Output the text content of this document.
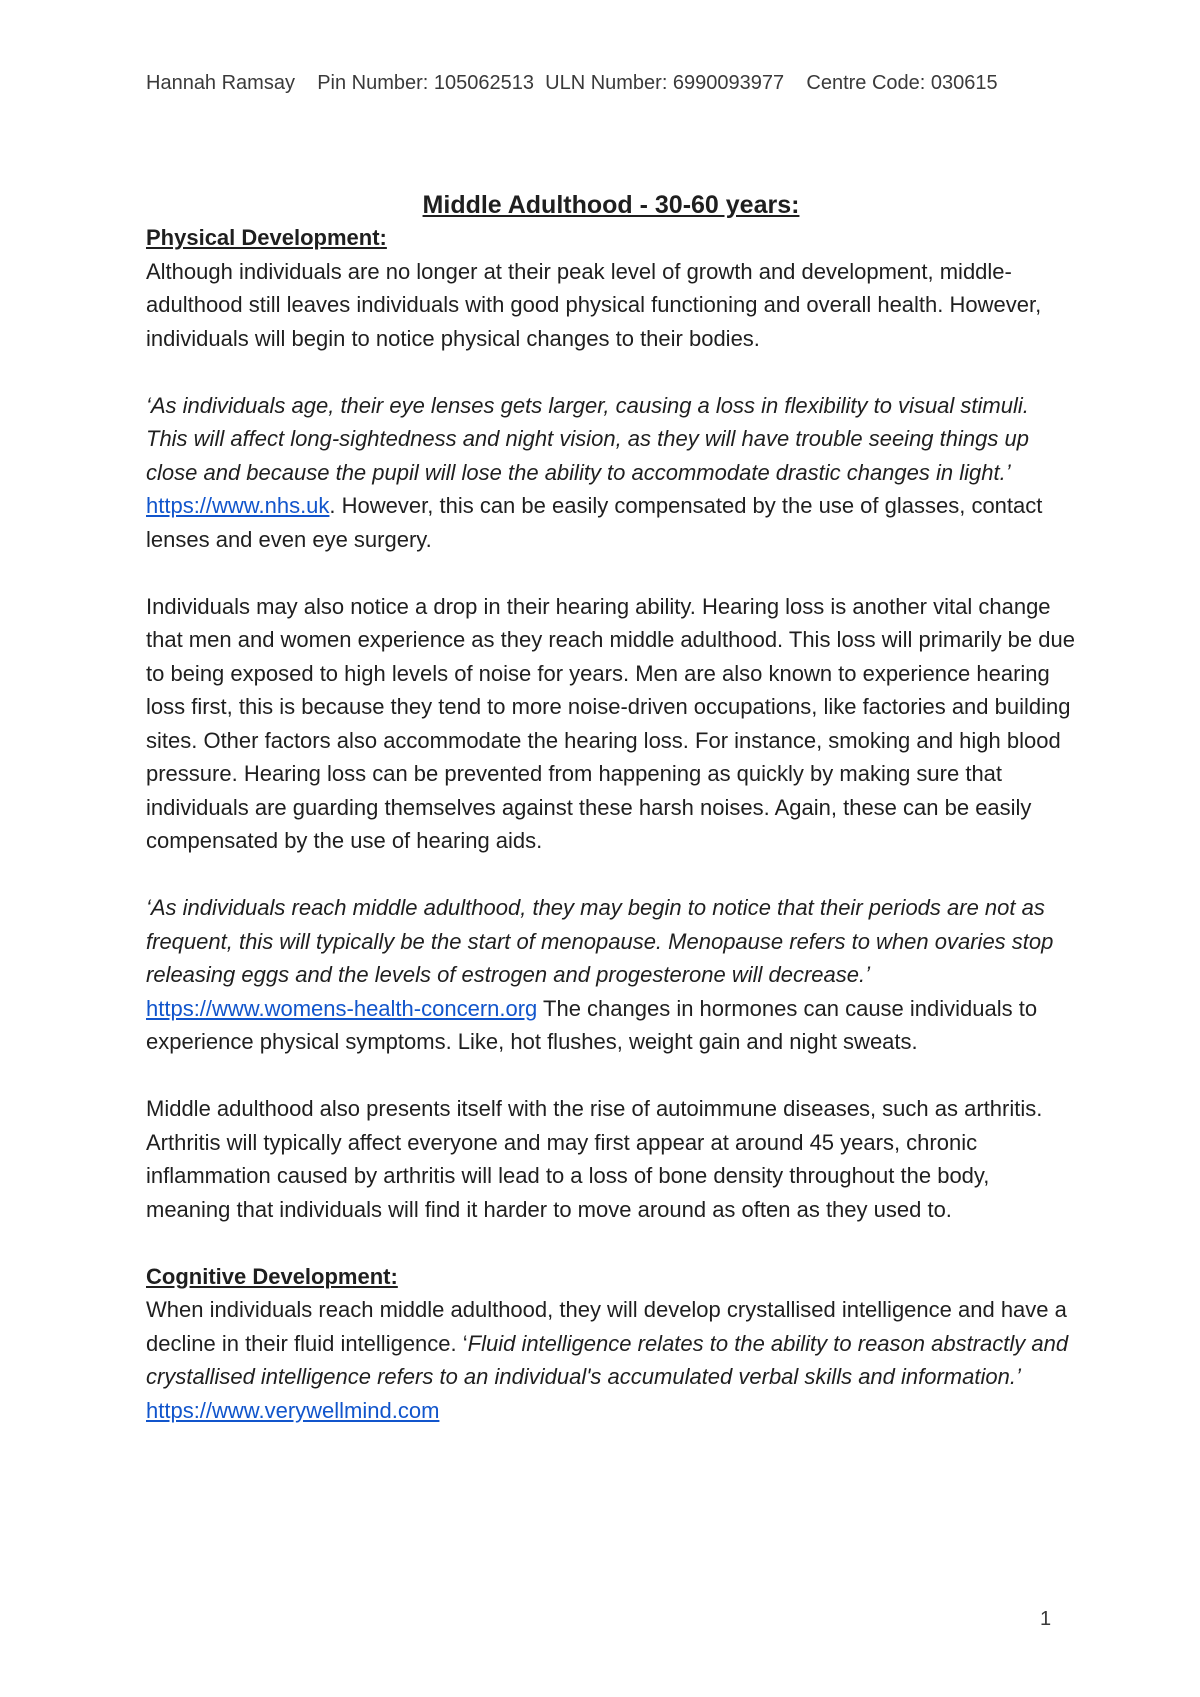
Hannah Ramsay    Pin Number: 105062513  ULN Number: 6990093977    Centre Code: 030615

Middle Adulthood - 30-60 years:

Physical Development:

Although individuals are no longer at their peak level of growth and development, middle-adulthood still leaves individuals with good physical functioning and overall health. However, individuals will begin to notice physical changes to their bodies.

‘As individuals age, their eye lenses gets larger, causing a loss in flexibility to visual stimuli. This will affect long-sightedness and night vision, as they will have trouble seeing things up close and because the pupil will lose the ability to accommodate drastic changes in light.’ https://www.nhs.uk. However, this can be easily compensated by the use of glasses, contact lenses and even eye surgery.

Individuals may also notice a drop in their hearing ability. Hearing loss is another vital change that men and women experience as they reach middle adulthood. This loss will primarily be due to being exposed to high levels of noise for years. Men are also known to experience hearing loss first, this is because they tend to more noise-driven occupations, like factories and building sites. Other factors also accommodate the hearing loss. For instance, smoking and high blood pressure. Hearing loss can be prevented from happening as quickly by making sure that individuals are guarding themselves against these harsh noises. Again, these can be easily compensated by the use of hearing aids.

‘As individuals reach middle adulthood, they may begin to notice that their periods are not as frequent, this will typically be the start of menopause. Menopause refers to when ovaries stop releasing eggs and the levels of estrogen and progesterone will decrease.’ https://www.womens-health-concern.org The changes in hormones can cause individuals to experience physical symptoms. Like, hot flushes, weight gain and night sweats.

Middle adulthood also presents itself with the rise of autoimmune diseases, such as arthritis. Arthritis will typically affect everyone and may first appear at around 45 years, chronic inflammation caused by arthritis will lead to a loss of bone density throughout the body, meaning that individuals will find it harder to move around as often as they used to.

Cognitive Development:

When individuals reach middle adulthood, they will develop crystallised intelligence and have a decline in their fluid intelligence. ‘Fluid intelligence relates to the ability to reason abstractly and crystallised intelligence refers to an individual's accumulated verbal skills and information.’ https://www.verywellmind.com

1
